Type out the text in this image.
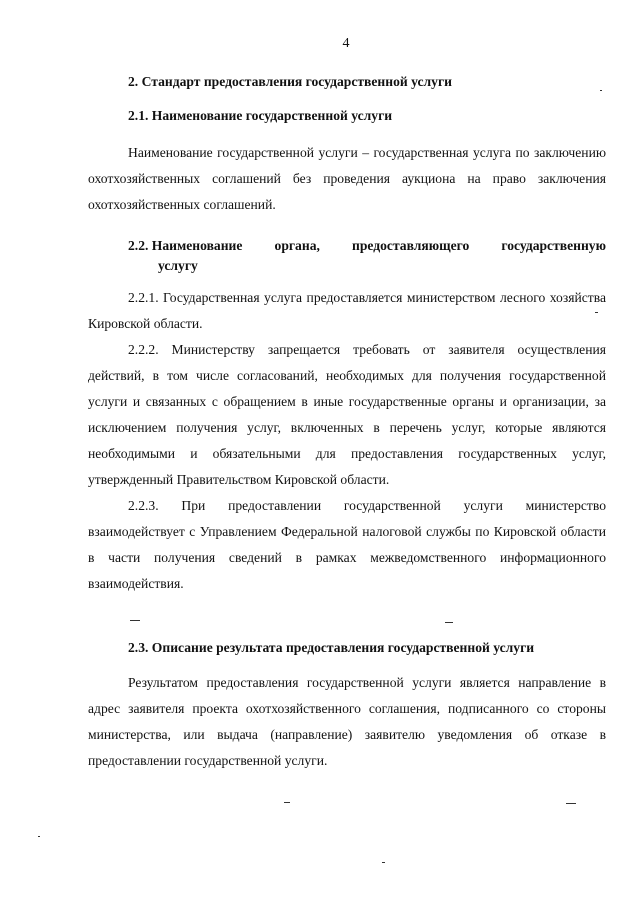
4
2. Стандарт предоставления государственной услуги
2.1. Наименование государственной услуги

Наименование государственной услуги – государственная услуга по заключению охотхозяйственных соглашений без проведения аукциона на право заключения охотхозяйственных соглашений.

2.2. Наименование органа, предоставляющего государственную
услугу

2.2.1. Государственная услуга предоставляется министерством лесного хозяйства Кировской области.

2.2.2. Министерству запрещается требовать от заявителя осуществления действий, в том числе согласований, необходимых для получения государственной услуги и связанных с обращением в иные государственные органы и организации, за исключением получения услуг, включенных в перечень услуг, которые являются необходимыми и обязательными для предоставления государственных услуг, утвержденный Правительством Кировской области.

2.2.3. При предоставлении государственной услуги министерство взаимодействует с Управлением Федеральной налоговой службы по Кировской области в части получения сведений в рамках межведомственного информационного взаимодействия.

2.3. Описание результата предоставления государственной услуги

Результатом предоставления государственной услуги является направление в адрес заявителя проекта охотхозяйственного соглашения, подписанного со стороны министерства, или выдача (направление) заявителю уведомления об отказе в предоставлении государственной услуги.
